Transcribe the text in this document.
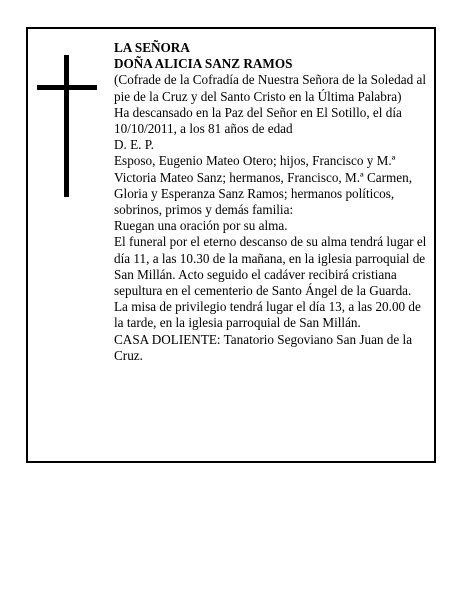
LA SEÑORA

DOÑA ALICIA SANZ RAMOS

(Cofrade de la Cofradía de Nuestra Señora de la Soledad al pie de la Cruz y del Santo Cristo en la Última Palabra)

Ha descansado en la Paz del Señor en El Sotillo, el día 10/10/2011, a los 81 años de edad

D. E. P.

Esposo, Eugenio Mateo Otero; hijos, Francisco y M.ª Victoria Mateo Sanz; hermanos, Francisco, M.ª Carmen, Gloria y Esperanza Sanz Ramos; hermanos políticos, sobrinos, primos y demás familia:

Ruegan una oración por su alma.

El funeral por el eterno descanso de su alma tendrá lugar el día 11, a las 10.30 de la mañana, en la iglesia parroquial de San Millán. Acto seguido el cadáver recibirá cristiana sepultura en el cementerio de Santo Ángel de la Guarda.

La misa de privilegio tendrá lugar el día 13, a las 20.00 de la tarde, en la iglesia parroquial de San Millán.

CASA DOLIENTE: Tanatorio Segoviano San Juan de la Cruz.
